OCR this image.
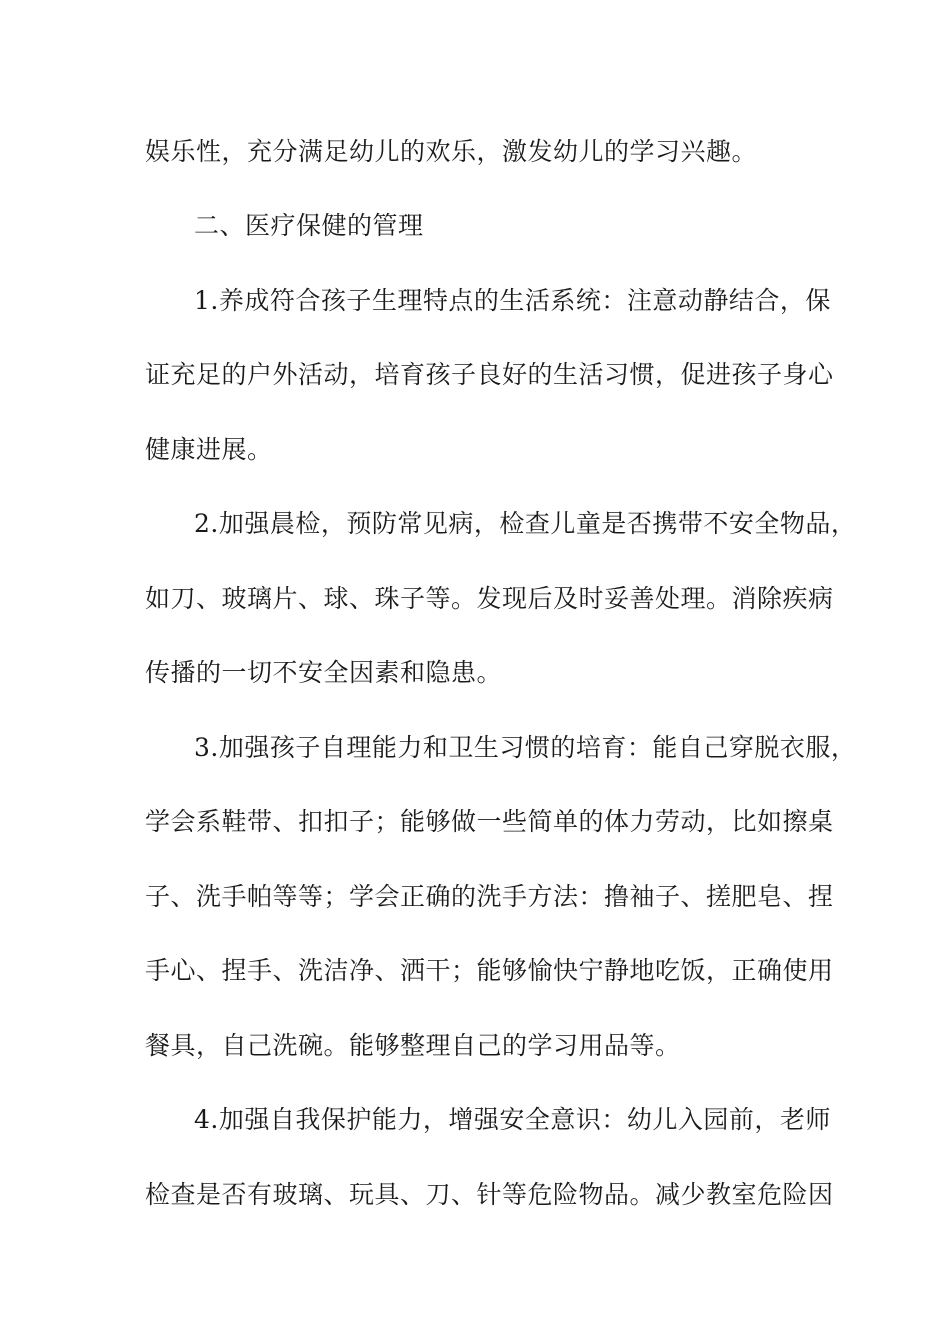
娱乐性，充分满足幼儿的欢乐，激发幼儿的学习兴趣。
二、医疗保健的管理
1.养成符合孩子生理特点的生活系统：注意动静结合，保
证充足的户外活动，培育孩子良好的生活习惯，促进孩子身心
健康进展。
2.加强晨检，预防常见病，检查儿童是否携带不安全物品，
如刀、玻璃片、球、珠子等。发现后及时妥善处理。消除疾病
传播的一切不安全因素和隐患。
3.加强孩子自理能力和卫生习惯的培育：能自己穿脱衣服，
学会系鞋带、扣扣子；能够做一些简单的体力劳动，比如擦桌
子、洗手帕等等；学会正确的洗手方法：撸袖子、搓肥皂、捏
手心、捏手、洗洁净、洒干；能够愉快宁静地吃饭，正确使用
餐具，自己洗碗。能够整理自己的学习用品等。
4.加强自我保护能力，增强安全意识：幼儿入园前，老师
检查是否有玻璃、玩具、刀、针等危险物品。减少教室危险因
